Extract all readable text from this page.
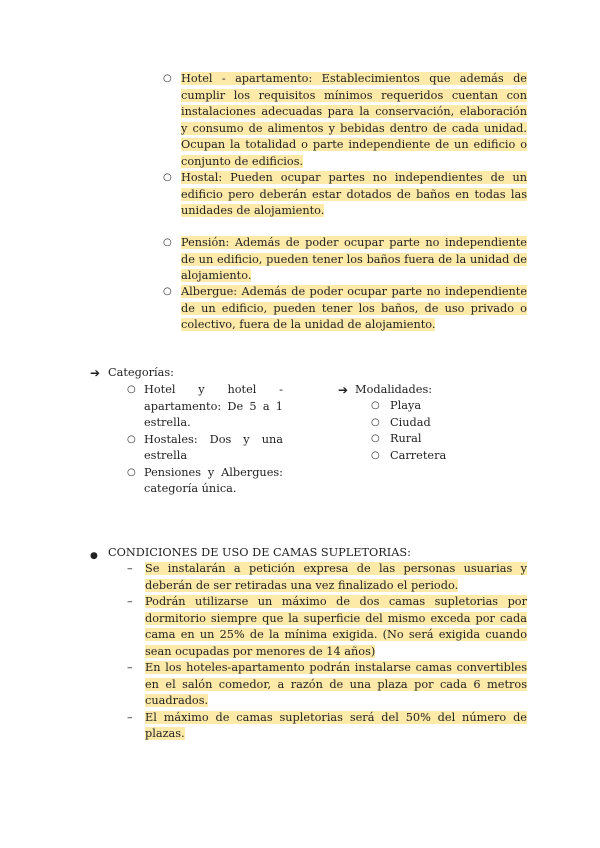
○ Hotel - apartamento: Establecimientos que además de cumplir los requisitos mínimos requeridos cuentan con instalaciones adecuadas para la conservación, elaboración y consumo de alimentos y bebidas dentro de cada unidad. Ocupan la totalidad o parte independiente de un edificio o conjunto de edificios.
○ Hostal: Pueden ocupar partes no independientes de un edificio pero deberán estar dotados de baños en todas las unidades de alojamiento.
○ Pensión: Además de poder ocupar parte no independiente de un edificio, pueden tener los baños fuera de la unidad de alojamiento.
○ Albergue: Además de poder ocupar parte no independiente de un edificio, pueden tener los baños, de uso privado o colectivo, fuera de la unidad de alojamiento.
➔ Categorías:
○ Hotel y hotel - apartamento: De 5 a 1 estrella.
○ Hostales: Dos y una estrella
○ Pensiones y Albergues: categoría única.
➔ Modalidades:
○ Playa
○ Ciudad
○ Rural
○ Carretera
● CONDICIONES DE USO DE CAMAS SUPLETORIAS:
– Se instalarán a petición expresa de las personas usuarias y deberán de ser retiradas una vez finalizado el periodo.
– Podrán utilizarse un máximo de dos camas supletorias por dormitorio siempre que la superficie del mismo exceda por cada cama en un 25% de la mínima exigida. (No será exigida cuando sean ocupadas por menores de 14 años)
– En los hoteles-apartamento podrán instalarse camas convertibles en el salón comedor, a razón de una plaza por cada 6 metros cuadrados.
– El máximo de camas supletorias será del 50% del número de plazas.
